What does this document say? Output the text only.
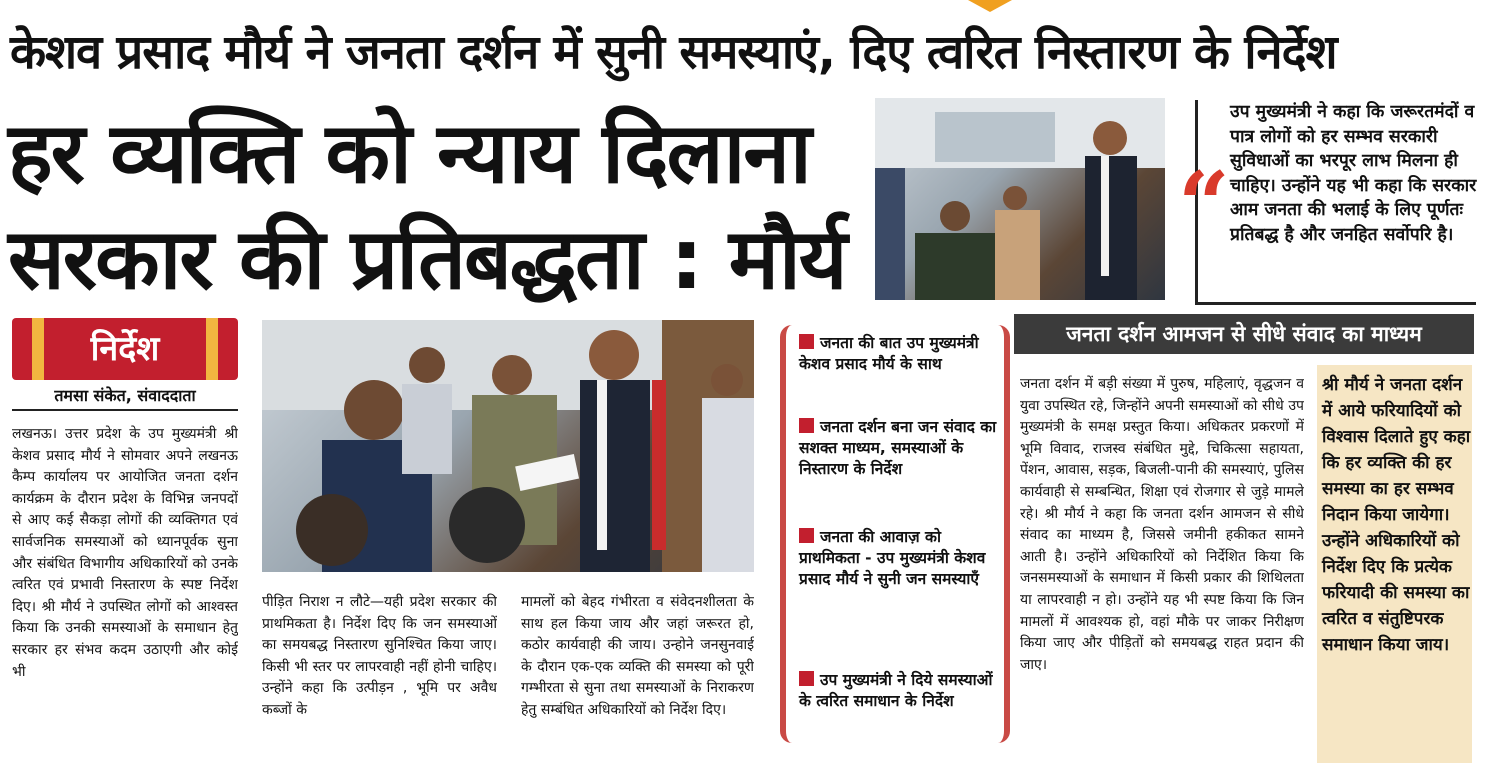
केशव प्रसाद मौर्य ने जनता दर्शन में सुनी समस्याएं, दिए त्वरित निस्तारण के निर्देश
हर व्यक्ति को न्याय दिलाना
सरकार की प्रतिबद्धता : मौर्य
“
उप मुख्यमंत्री ने कहा कि जरूरतमंदों व पात्र लोगों को हर सम्भव सरकारी सुविधाओं का भरपूर लाभ मिलना ही चाहिए। उन्होंने यह भी कहा कि सरकार आम जनता की भलाई के लिए पूर्णतः प्रतिबद्ध है और जनहित सर्वोपरि है।
निर्देश
तमसा संकेत, संवाददाता
लखनऊ। उत्तर प्रदेश के उप मुख्यमंत्री श्री केशव प्रसाद मौर्य ने सोमवार अपने लखनऊ कैम्प कार्यालय पर आयोजित जनता दर्शन कार्यक्रम के दौरान प्रदेश के विभिन्न जनपदों से आए कई सैकड़ा लोगों की व्यक्तिगत एवं सार्वजनिक समस्याओं को ध्यानपूर्वक सुना और संबंधित विभागीय अधिकारियों को उनके त्वरित एवं प्रभावी निस्तारण के स्पष्ट निर्देश दिए। श्री मौर्य ने उपस्थित लोगों को आश्वस्त किया कि उनकी समस्याओं के समाधान हेतु सरकार हर संभव कदम उठाएगी और कोई भी
पीड़ित निराश न लौटे—यही प्रदेश सरकार की प्राथमिकता है। निर्देश दिए कि जन समस्याओं का समयबद्ध निस्तारण सुनिश्चित किया जाए। किसी भी स्तर पर लापरवाही नहीं होनी चाहिए।उन्होंने कहा कि उत्पीड़न , भूमि पर अवैध कब्जों के
मामलों को बेहद गंभीरता व संवेदनशीलता के साथ हल किया जाय और जहां जरूरत हो, कठोर कार्यवाही की जाय। उन्होने जनसुनवाई के दौरान एक-एक व्यक्ति की समस्या को पूरी गम्भीरता से सुना तथा समस्याओं के निराकरण हेतु सम्बंधित अधिकारियों को निर्देश दिए।
जनता की बात उप मुख्यमंत्री केशव प्रसाद मौर्य के साथ
जनता दर्शन बना जन संवाद का सशक्त माध्यम, समस्याओं के निस्तारण के निर्देश
जनता की आवाज़ को प्राथमिकता - उप मुख्यमंत्री केशव प्रसाद मौर्य ने सुनी जन समस्याएँ
उप मुख्यमंत्री ने दिये समस्याओं के त्वरित समाधान के निर्देश
जनता दर्शन आमजन से सीधे संवाद का माध्यम
जनता दर्शन में बड़ी संख्या में पुरुष, महिलाएं, वृद्धजन व युवा उपस्थित रहे, जिन्होंने अपनी समस्याओं को सीधे उप मुख्यमंत्री के समक्ष प्रस्तुत किया। अधिकतर प्रकरणों में भूमि विवाद, राजस्व संबंधित मुद्दे, चिकित्सा सहायता, पेंशन, आवास, सड़क, बिजली-पानी की समस्याएं, पुलिस कार्यवाही से सम्बन्धित, शिक्षा एवं रोजगार से जुड़े मामले रहे। श्री मौर्य ने कहा कि जनता दर्शन आमजन से सीधे संवाद का माध्यम है, जिससे जमीनी हकीकत सामने आती है। उन्होंने अधिकारियों को निर्देशित किया कि जनसमस्याओं के समाधान में किसी प्रकार की शिथिलता या लापरवाही न हो। उन्होंने यह भी स्पष्ट किया कि जिन मामलों में आवश्यक हो, वहां मौके पर जाकर निरीक्षण किया जाए और पीड़ितों को समयबद्ध राहत प्रदान की जाए।
श्री मौर्य ने जनता दर्शन में आये फरियादियों को विश्वास दिलाते हुए कहा कि हर व्यक्ति की हर समस्या का हर सम्भव निदान किया जायेगा। उन्होंने अधिकारियों को निर्देश दिए कि प्रत्येक फरियादी की समस्या का त्वरित व संतुष्टिपरक समाधान किया जाय।
